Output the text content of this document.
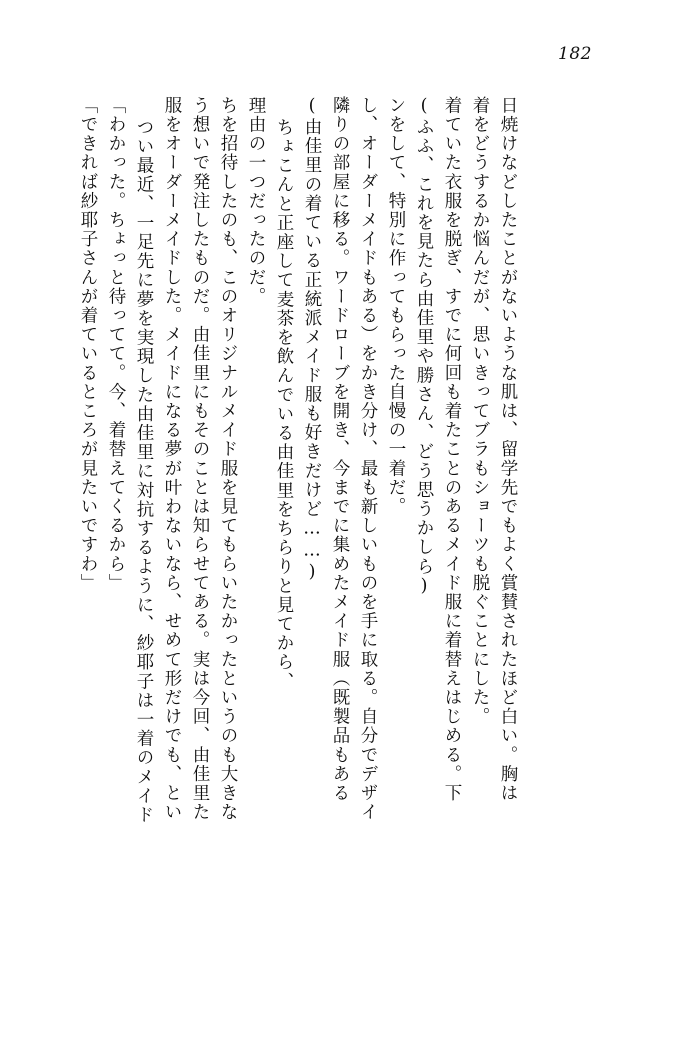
182
「できれば紗耶子さんが着ているところが見たいですわ」 「わかった。ちょっと待ってて。今、着替えてくるから」 つい最近、一足先に夢を実現した由佳里に対抗するように、紗耶子は一着のメイド 服をオーダーメイドした。メイドになる夢が叶わないなら、せめて形だけでも、とい う想いで発注したものだ。由佳里にもそのことは知らせてある。実は今回、由佳里た ちを招待したのも、このオリジナルメイド服を見てもらいたかったというのも大きな 理由の一つだったのだ。 ちょこんと正座して麦茶を飲んでいる由佳里をちらりと見てから、 (由佳里の着ている正統派メイド服も好きだけど……) 隣りの部屋に移る。ワードローブを開き、今までに集めたメイド服（既製品もある し、オーダーメイドもある）をかき分け、最も新しいものを手に取る。自分でデザイ ンをして、特別に作ってもらった自慢の一着だ。 (ふふ、これを見たら由佳里や勝さん、どう思うかしら) 着ていた衣服を脱ぎ、すでに何回も着たことのあるメイド服に着替えはじめる。下 着をどうするか悩んだが、思いきってブラもショーツも脱ぐことにした。 日焼けなどしたことがないような肌は、留学先でもよく賞賛されたほど白い。胸は
